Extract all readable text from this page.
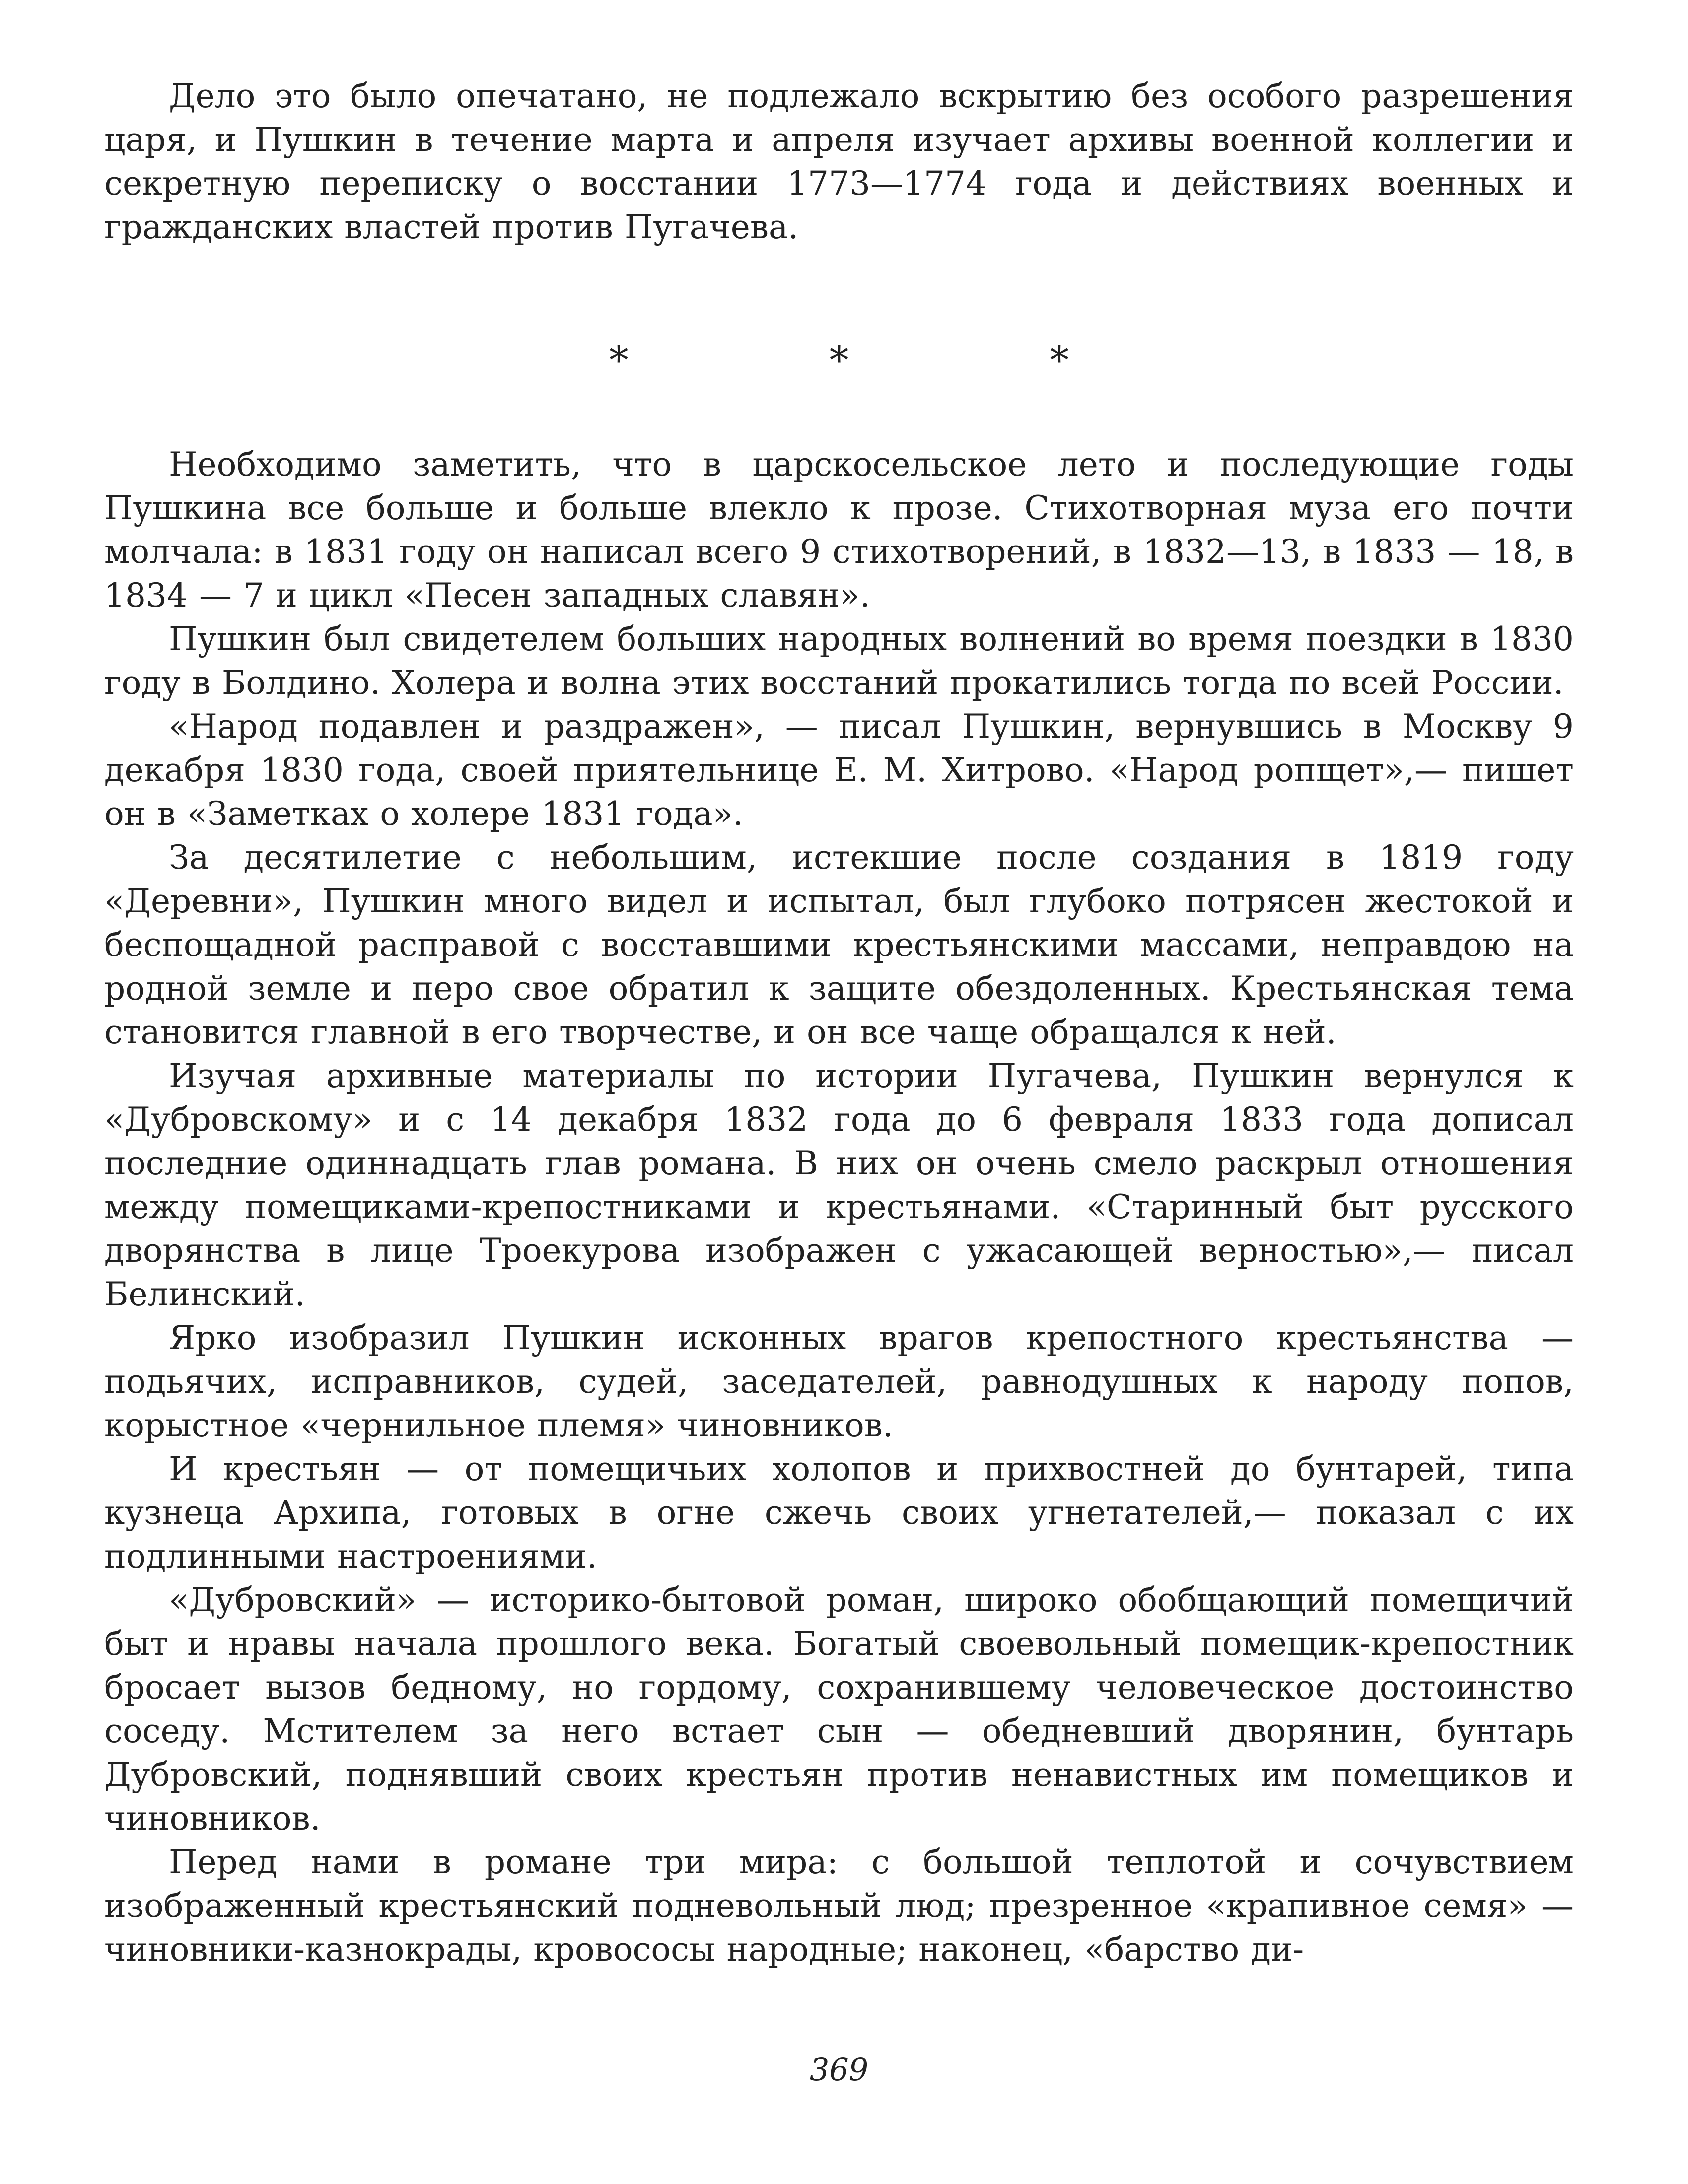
Дело это было опечатано, не подлежало вскрытию без особого разрешения царя, и Пушкин в течение марта и апреля изучает архивы военной коллегии и секретную переписку о восстании 1773—1774 года и действиях военных и гражданских властей против Пугачева.

* * *

Необходимо заметить, что в царскосельское лето и последующие годы Пушкина все больше и больше влекло к прозе. Стихотворная муза его почти молчала: в 1831 году он написал всего 9 стихотворений, в 1832—13, в 1833 — 18, в 1834 — 7 и цикл «Песен западных славян».

Пушкин был свидетелем больших народных волнений во время поездки в 1830 году в Болдино. Холера и волна этих восстаний прокатились тогда по всей России.

«Народ подавлен и раздражен», — писал Пушкин, вернувшись в Москву 9 декабря 1830 года, своей приятельнице Е. М. Хитрово. «Народ ропщет»,— пишет он в «Заметках о холере 1831 года».

За десятилетие с небольшим, истекшие после создания в 1819 году «Деревни», Пушкин много видел и испытал, был глубоко потрясен жестокой и беспощадной расправой с восставшими крестьянскими массами, неправдою на родной земле и перо свое обратил к защите обездоленных. Крестьянская тема становится главной в его творчестве, и он все чаще обращался к ней.

Изучая архивные материалы по истории Пугачева, Пушкин вернулся к «Дубровскому» и с 14 декабря 1832 года до 6 февраля 1833 года дописал последние одиннадцать глав романа. В них он очень смело раскрыл отношения между помещиками-крепостниками и крестьянами. «Старинный быт русского дворянства в лице Троекурова изображен с ужасающей верностью»,— писал Белинский.

Ярко изобразил Пушкин исконных врагов крепостного крестьянства — подьячих, исправников, судей, заседателей, равнодушных к народу попов, корыстное «чернильное племя» чиновников.

И крестьян — от помещичьих холопов и прихвостней до бунтарей, типа кузнеца Архипа, готовых в огне сжечь своих угнетателей,— показал с их подлинными настроениями.

«Дубровский» — историко-бытовой роман, широко обобщающий помещичий быт и нравы начала прошлого века. Богатый своевольный помещик-крепостник бросает вызов бедному, но гордому, сохранившему человеческое достоинство соседу. Мстителем за него встает сын — обедневший дворянин, бунтарь Дубровский, поднявший своих крестьян против ненавистных им помещиков и чиновников.

Перед нами в романе три мира: с большой теплотой и сочувствием изображенный крестьянский подневольный люд; презренное «крапивное семя» — чиновники-казнокрады, кровососы народные; наконец, «барство ди-

369
